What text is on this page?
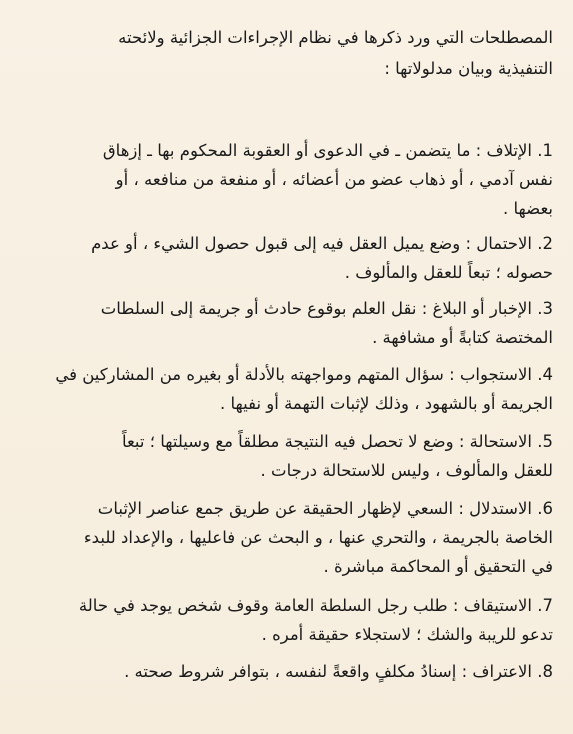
المصطلحات التي ورد ذكرها في نظام الإجراءات الجزائية ولائحته
التنفيذية وبيان مدلولاتها :
1. الإتلاف : ما يتضمن ـ في الدعوى أو العقوبة المحكوم بها ـ إزهاق
نفس آدمي ، أو ذهاب عضو من أعضائه ، أو منفعة من منافعه ، أو
بعضها .
2. الاحتمال : وضع يميل العقل فيه إلى قبول حصول الشيء ، أو عدم
حصوله ؛ تبعاً للعقل والمألوف .
3. الإخبار أو البلاغ : نقل العلم بوقوع حادث أو جريمة إلى السلطات
المختصة كتابةً أو مشافهة .
4. الاستجواب : سؤال المتهم ومواجهته بالأدلة أو بغيره من المشاركين في
الجريمة أو بالشهود ، وذلك لإثبات التهمة أو نفيها .
5. الاستحالة : وضع لا تحصل فيه النتيجة مطلقاً مع وسيلتها ؛ تبعاً
للعقل والمألوف ، وليس للاستحالة درجات .
6. الاستدلال : السعي لإظهار الحقيقة عن طريق جمع عناصر الإثبات
الخاصة بالجريمة ، والتحري عنها ، و البحث عن فاعليها ، والإعداد للبدء
في التحقيق أو المحاكمة مباشرة .
7. الاستيقاف : طلب رجل السلطة العامة وقوف شخص يوجد في حالة
تدعو للريبة والشك ؛ لاستجلاء حقيقة أمره .
8. الاعتراف : إسنادُ مكلفٍ واقعةً لنفسه ، بتوافر شروط صحته .
